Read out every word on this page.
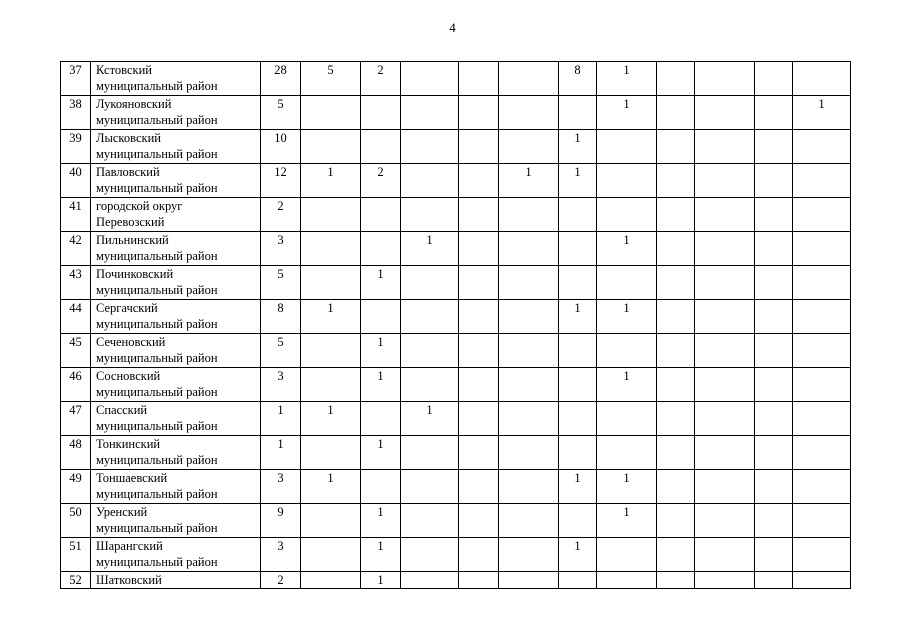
4
37	Кстовский
муниципальный район	28	5	2				8	1				
38	Лукояновский
муниципальный район	5							1				1
39	Лысковский
муниципальный район	10						1					
40	Павловский
муниципальный район	12	1	2			1	1					
41	городской округ
Перевозский	2											
42	Пильнинский
муниципальный район	3			1				1				
43	Починковский
муниципальный район	5		1									
44	Сергачский
муниципальный район	8	1					1	1				
45	Сеченовский
муниципальный район	5		1									
46	Сосновский
муниципальный район	3		1					1				
47	Спасский
муниципальный район	1	1		1								
48	Тонкинский
муниципальный район	1		1									
49	Тоншаевский
муниципальный район	3	1					1	1				
50	Уренский
муниципальный район	9		1					1				
51	Шарангский
муниципальный район	3		1				1					
52	Шатковский	2		1									
